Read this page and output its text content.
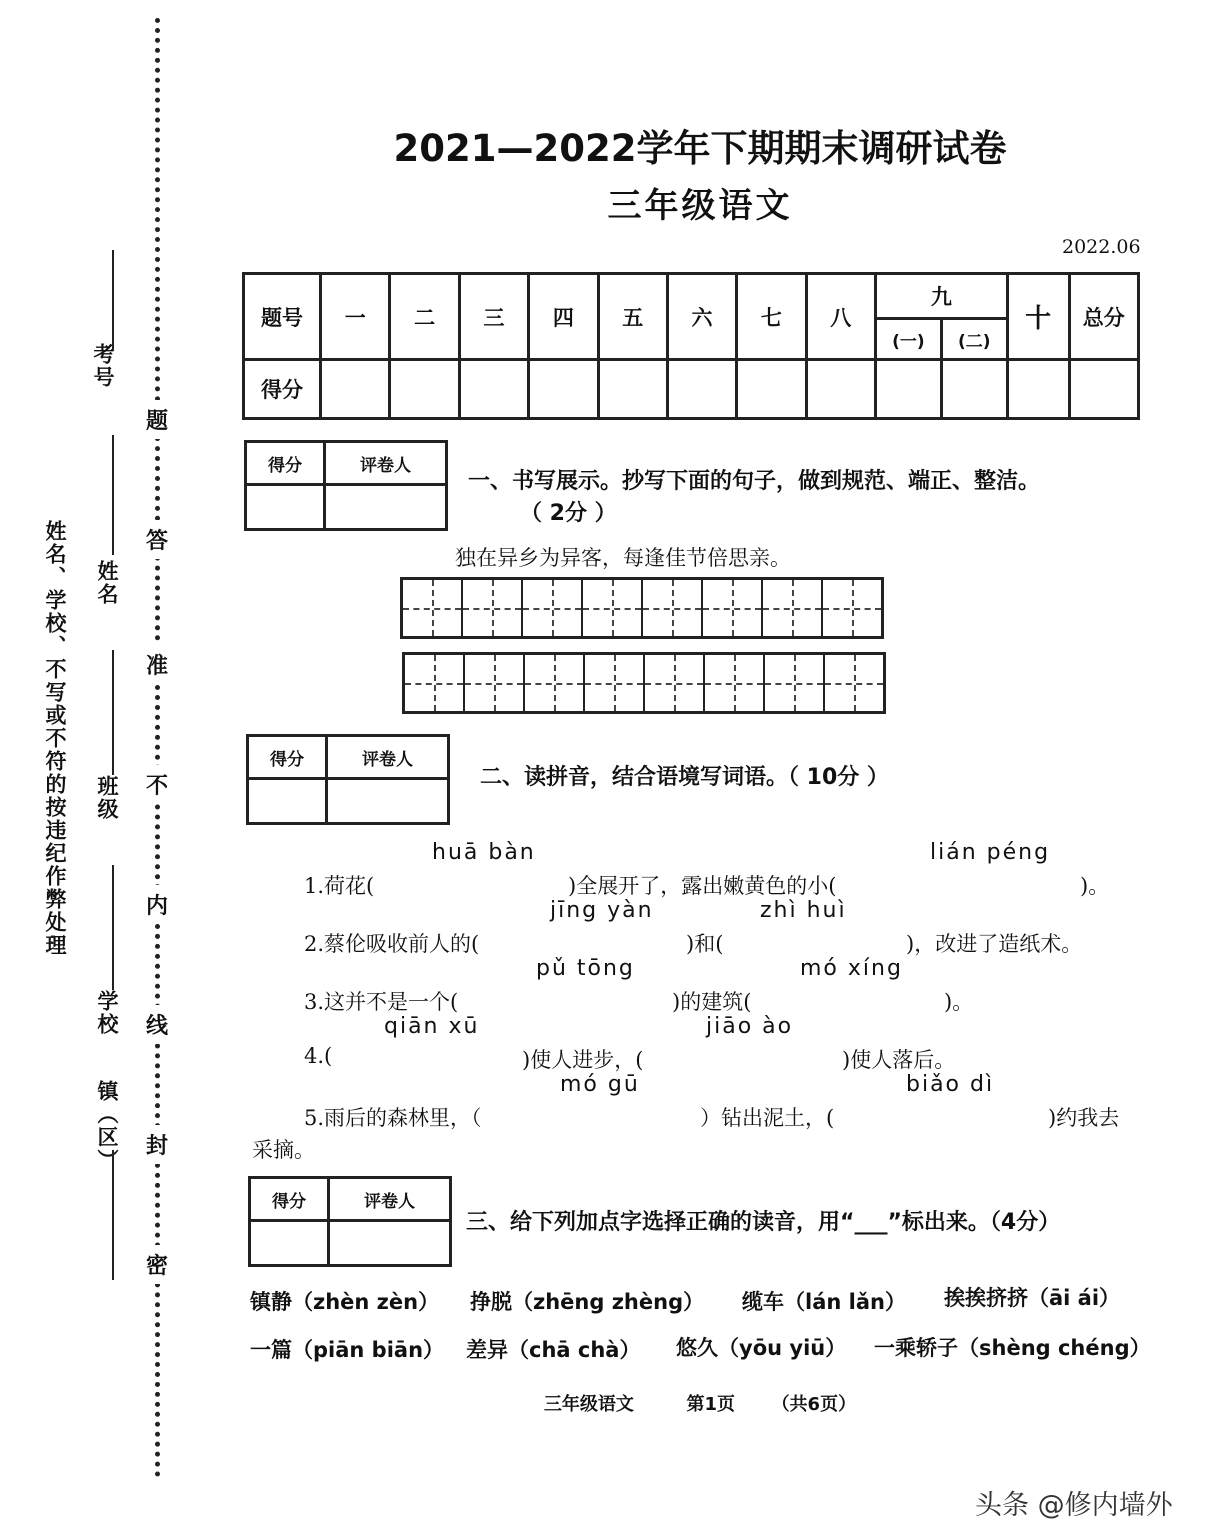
姓名、学校、不写或不符的按违纪作弊处理
考号
姓名
班级
学校
镇（区）
题
答
准
不
内
线
封
密
2021—2022学年下期期末调研试卷
三年级语文
2022.06
题号	一	二	三	四	五	六	七	八	九		十	总分
									(一)	(二)		
得分												
得分	评卷人

一、书写展示。抄写下面的句子，做到规范、端正、整洁。
（ 2分 ）
独在异乡为异客，每逢佳节倍思亲。
得分	评卷人

二、读拼音，结合语境写词语。（ 10分 ）
huā bàn	lián péng
1.荷花(	)全展开了，露出嫩黄色的小(	)。
jīng yàn	zhì huì
2.蔡伦吸收前人的(	)和(	)，改进了造纸术。
pǔ tōng	mó xíng
3.这并不是一个(	)的建筑(	)。
qiān xū	jiāo ào
4.(	)使人进步，(	)使人落后。
mó gū	biǎo dì
5.雨后的森林里，（	）钻出泥土，(	)约我去
采摘。
得分	评卷人

三、给下列加点字选择正确的读音，用“___”标出来。（4分）
镇静（zhèn zèn） 挣脱（zhēng zhèng） 缆车（lán lǎn） 挨挨挤挤（āi ái）
一篇（piān biān） 差异（chā chà） 悠久（yōu yiū） 一乘轿子（shèng chéng）
三年级语文	第1页 （共6页）
头条 @修内墙外
